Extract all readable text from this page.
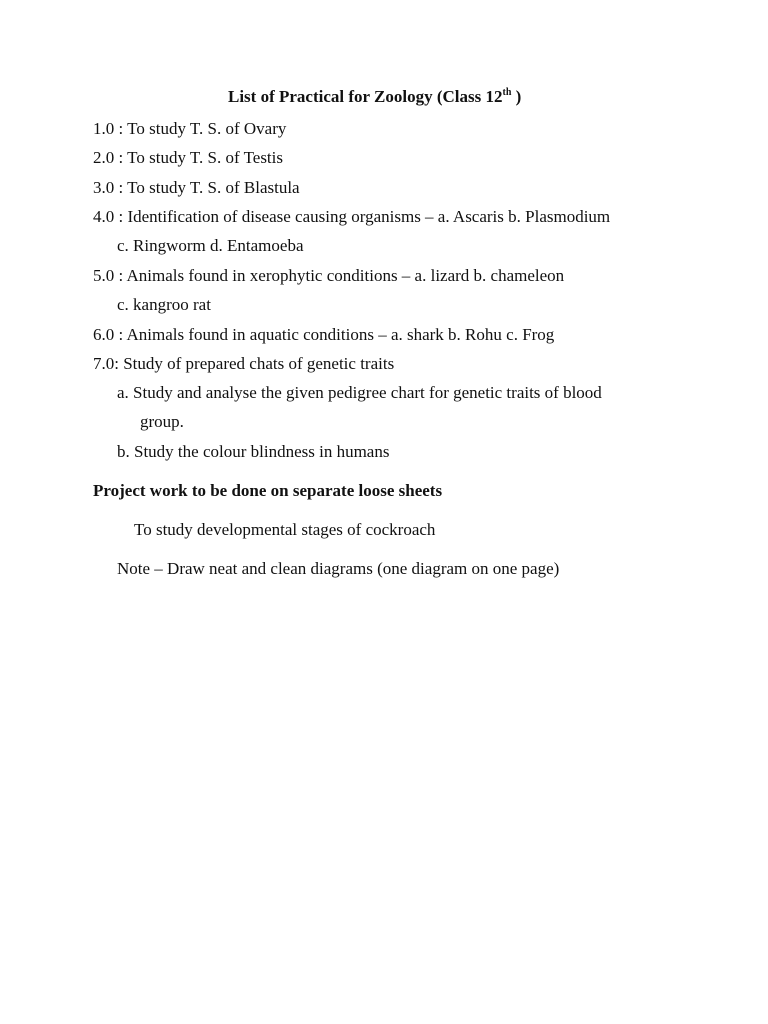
List of Practical for Zoology (Class 12th )
1.0 : To study T. S. of Ovary
2.0 : To study T. S. of Testis
3.0 : To study T. S. of Blastula
4.0 : Identification of disease causing organisms – a. Ascaris b. Plasmodium
c. Ringworm d. Entamoeba
5.0 : Animals found in xerophytic conditions – a. lizard b. chameleon
c. kangroo rat
6.0 : Animals found in aquatic conditions – a. shark b. Rohu c. Frog
7.0: Study of prepared chats of genetic traits
a. Study and analyse the given pedigree chart for genetic traits of blood
group.
b. Study the colour blindness in humans
Project work to be done on separate loose sheets
To study developmental stages of cockroach
Note – Draw neat and clean diagrams (one diagram on one page)
